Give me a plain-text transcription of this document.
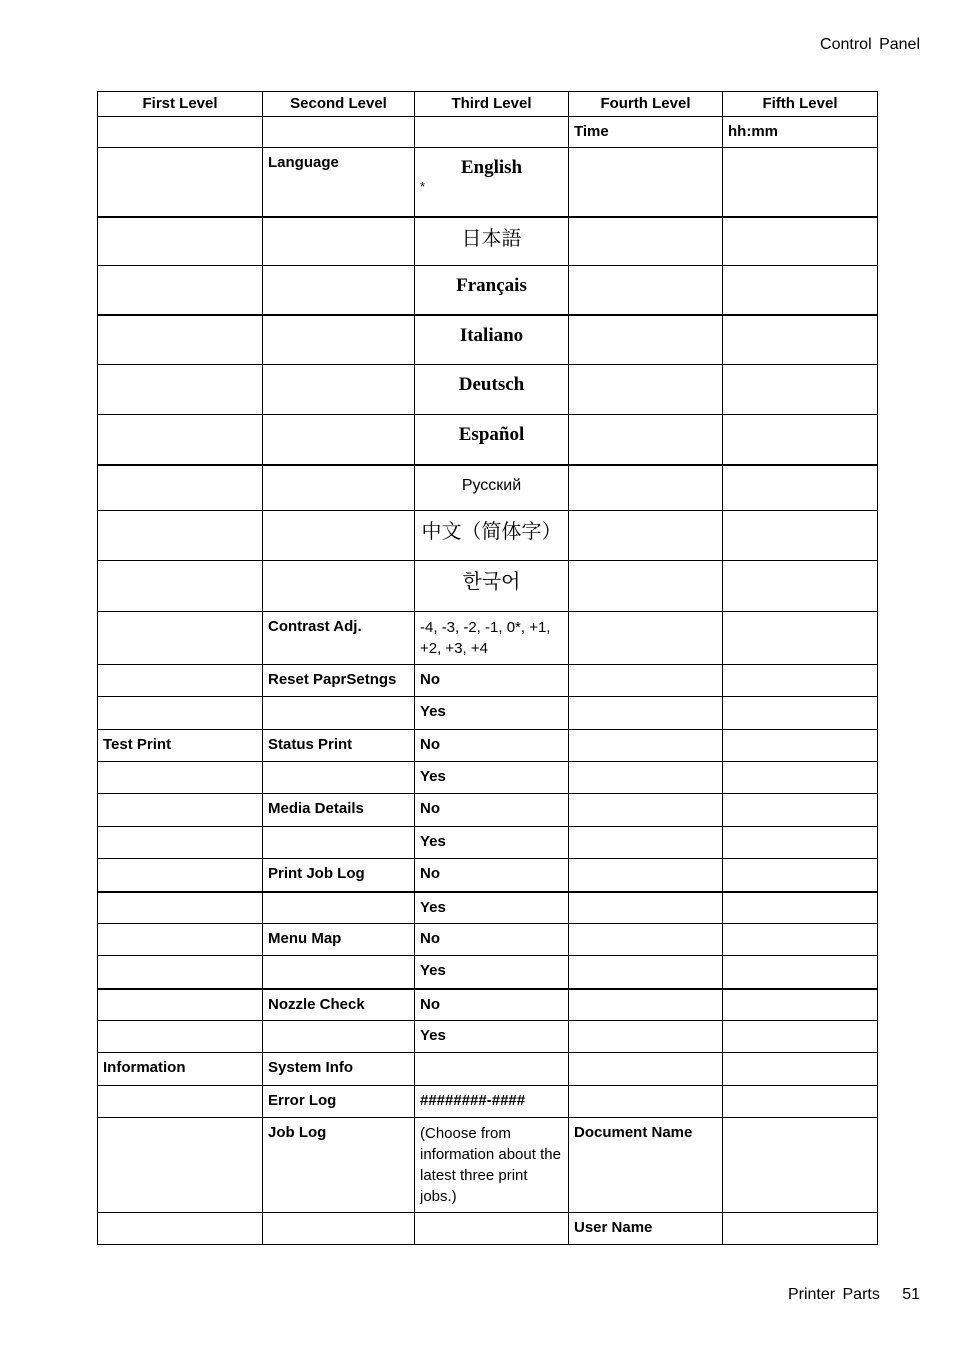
Control Panel
First Level	Second Level	Third Level	Fourth Level	Fifth Level
			Time	hh:mm
	Language	English
*		

		日本語		

		Français		

		Italiano		

		Deutsch		

		Español		

		Русский		

		中文（简体字）		

		한국어		

	Contrast Adj.	-4, -3, -2, -1, 0*, +1, +2, +3, +4		
	Reset PaprSetngs	No		
		Yes		
Test Print	Status Print	No		
		Yes		
	Media Details	No		
		Yes		
	Print Job Log	No		
		Yes		
	Menu Map	No		
		Yes		
	Nozzle Check	No		
		Yes		
Information	System Info			
	Error Log	########-####		
	Job Log	(Choose from information about the latest three print jobs.)	Document Name	
			User Name	
Printer Parts 51
